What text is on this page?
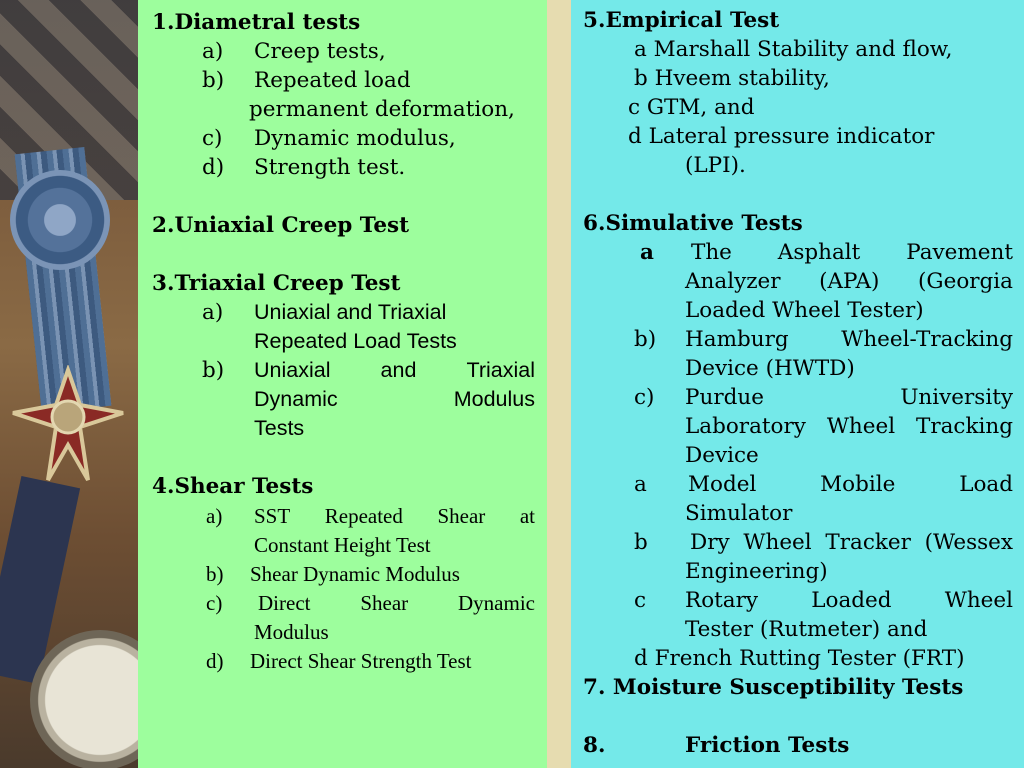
1.Diametral tests
a) Creep tests,
b) Repeated load
permanent deformation,
c) Dynamic modulus,
d) Strength test.
2.Uniaxial Creep Test
3.Triaxial Creep Test
a) Uniaxial and Triaxial
Repeated Load Tests
b) Uniaxial and Triaxial
Dynamic	Modulus
Tests
4.Shear Tests
a) SST Repeated Shear at
Constant Height Test
b) Shear Dynamic Modulus
c) Direct Shear Dynamic
Modulus
d) Direct Shear Strength Test
5.Empirical Test
a Marshall Stability and flow,
b Hveem stability,
c GTM, and
d Lateral pressure indicator
(LPI).
6.Simulative Tests
a The Asphalt Pavement
Analyzer (APA) (Georgia
Loaded Wheel Tester)
b) Hamburg Wheel-Tracking
Device (HWTD)
c) Purdue	University
Laboratory Wheel Tracking
Device
a Model	Mobile	Load
Simulator
b Dry Wheel Tracker (Wessex
Engineering)
c Rotary Loaded Wheel
Tester (Rutmeter) and
d French Rutting Tester (FRT)
7. Moisture Susceptibility Tests
8.	Friction Tests
